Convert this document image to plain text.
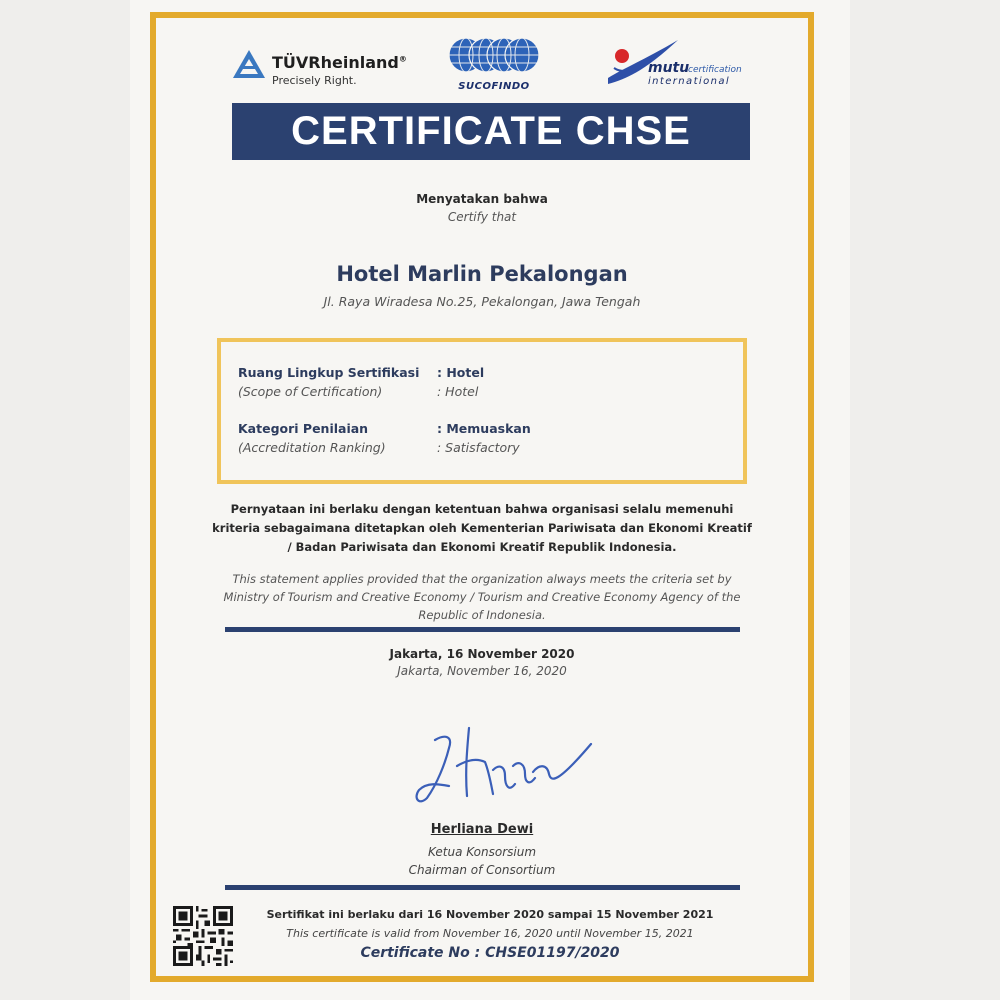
TÜVRheinland®
Precisely Right.	SUCOFINDO
mutu
certification
international
CERTIFICATE CHSE
Menyatakan bahwa
Certify that
Hotel Marlin Pekalongan
Jl. Raya Wiradesa No.25, Pekalongan, Jawa Tengah
Ruang Lingkup Sertifikasi
(Scope of Certification)
: Hotel
: Hotel
Kategori Penilaian
(Accreditation Ranking)
: Memuaskan
: Satisfactory
Pernyataan ini berlaku dengan ketentuan bahwa organisasi selalu memenuhi kriteria sebagaimana ditetapkan oleh Kementerian Pariwisata dan Ekonomi Kreatif / Badan Pariwisata dan Ekonomi Kreatif Republik Indonesia.
This statement applies provided that the organization always meets the criteria set by Ministry of Tourism and Creative Economy / Tourism and Creative Economy Agency of the Republic of Indonesia.
Jakarta, 16 November 2020
Jakarta, November 16, 2020
Herliana Dewi
Ketua Konsorsium
Chairman of Consortium
Sertifikat ini berlaku dari 16 November 2020 sampai 15 November 2021
This certificate is valid from November 16, 2020 until November 15, 2021
Certificate No : CHSE01197/2020
